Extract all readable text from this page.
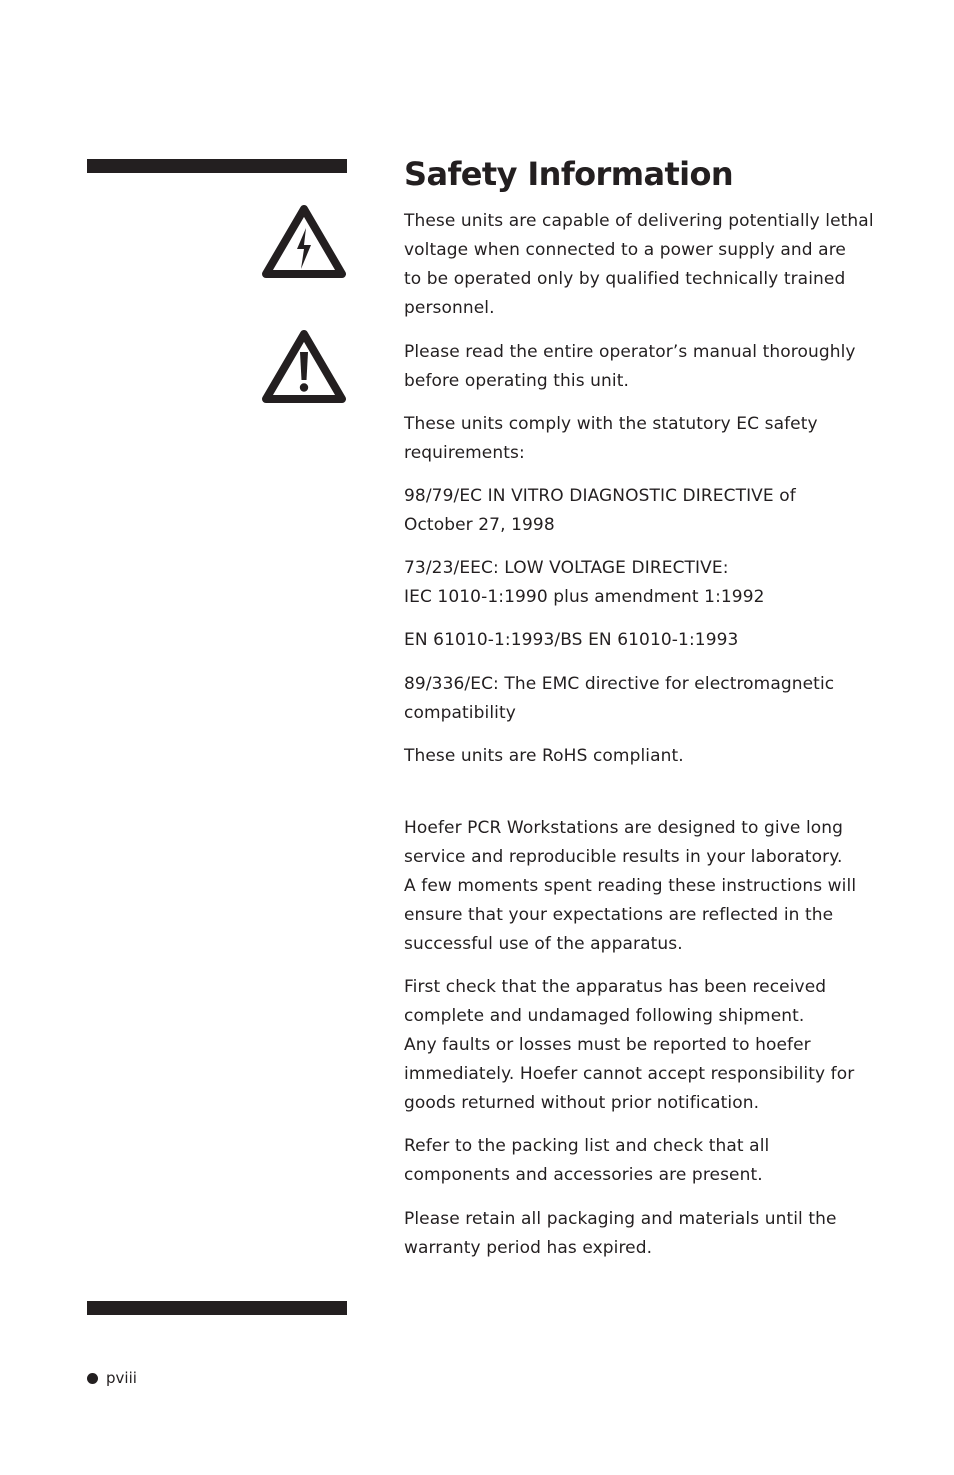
Safety Information

These units are capable of delivering potentially lethal
voltage when connected to a power supply and are
to be operated only by qualified technically trained
personnel.

Please read the entire operator’s manual thoroughly
before operating this unit.

These units comply with the statutory EC safety
requirements:

98/79/EC IN VITRO DIAGNOSTIC DIRECTIVE of
October 27, 1998

73/23/EEC: LOW VOLTAGE DIRECTIVE:
IEC 1010-1:1990 plus amendment 1:1992

EN 61010-1:1993/BS EN 61010-1:1993

89/336/EC: The EMC directive for electromagnetic
compatibility

These units are RoHS compliant.

Hoefer PCR Workstations are designed to give long
service and reproducible results in your laboratory.
A few moments spent reading these instructions will
ensure that your expectations are reflected in the
successful use of the apparatus.

First check that the apparatus has been received
complete and undamaged following shipment.
Any faults or losses must be reported to hoefer
immediately. Hoefer cannot accept responsibility for
goods returned without prior notification.

Refer to the packing list and check that all
components and accessories are present.

Please retain all packaging and materials until the
warranty period has expired.

pviii
